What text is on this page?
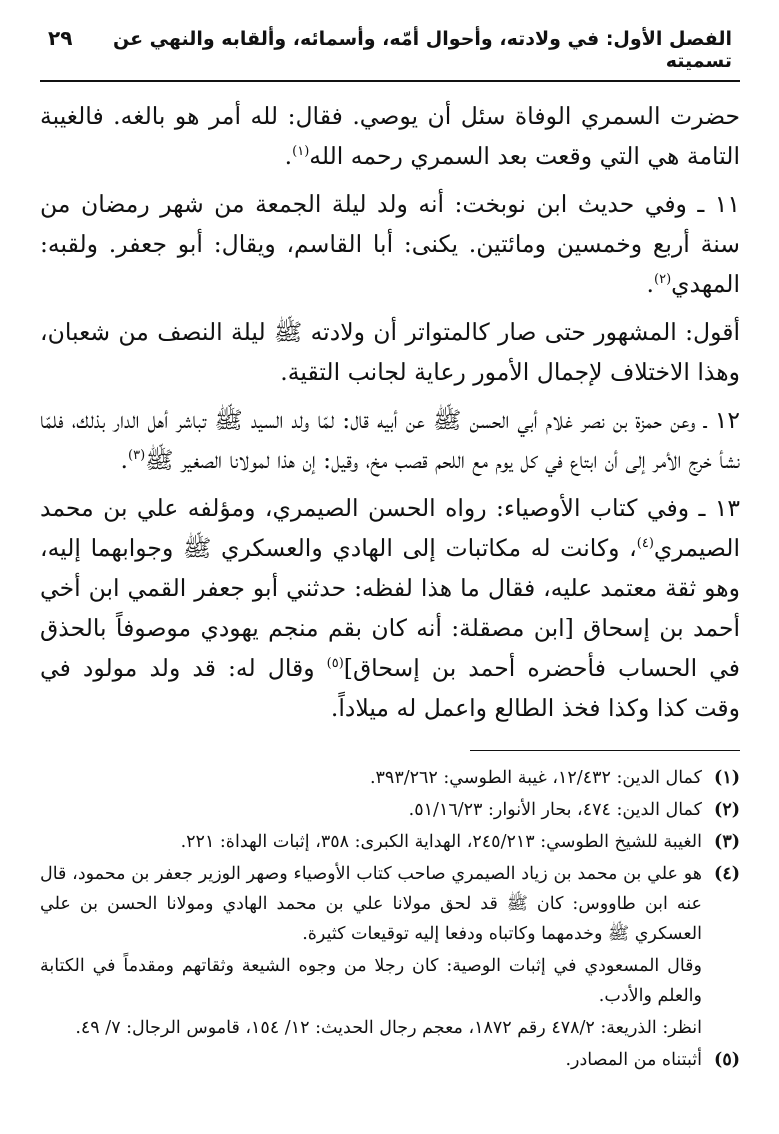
الفصل الأول: في ولادته، وأحوال أمّه، وأسمائه، وألقابه والنهي عن تسميته
٢٩

حضرت السمري الوفاة سئل أن يوصي. فقال: لله أمر هو بالغه. فالغيبة التامة هي التي وقعت بعد السمري رحمه الله$^{(١)}$.

١١ ـ وفي حديث ابن نوبخت: أنه ولد ليلة الجمعة من شهر رمضان من سنة أربع وخمسين ومائتين. يكنى: أبا القاسم، ويقال: أبو جعفر. ولقبه: المهدي$^{(٢)}$.

أقول: المشهور حتى صار كالمتواتر أن ولادته ﷺ ليلة النصف من شعبان، وهذا الاختلاف لإجمال الأمور رعاية لجانب التقية.

١٢ ـ وعن حمزة بن نصر غلام أبي الحسن ﷺ عن أبيه قال: لمّا ولد السيد ﷺ تباشر أهل الدار بذلك، فلمّا نشأ خرج الأمر إلى أن ابتاع في كل يوم مع اللحم قصب مخ، وقيل: إن هذا لمولانا الصغير ﷺ$^{(٣)}$.

١٣ ـ وفي كتاب الأوصياء: رواه الحسن الصيمري، ومؤلفه علي بن محمد الصيمري$^{(٤)}$، وكانت له مكاتبات إلى الهادي والعسكري ﷺ وجوابهما إليه، وهو ثقة معتمد عليه، فقال ما هذا لفظه: حدثني أبو جعفر القمي ابن أخي أحمد بن إسحاق [ابن مصقلة: أنه كان بقم منجم يهودي موصوفاً بالحذق في الحساب فأحضره أحمد بن إسحاق]$^{(٥)}$ وقال له: قد ولد مولود في وقت كذا وكذا فخذ الطالع واعمل له ميلاداً.

(١)

كمال الدين: ١٢/٤٣٢، غيبة الطوسي: ٣٩٣/٢٦٢.

(٢)

كمال الدين: ٤٧٤، بحار الأنوار: ٥١/١٦/٢٣.

(٣)

الغيبة للشيخ الطوسي: ٢٤٥/٢١٣، الهداية الكبرى: ٣٥٨، إثبات الهداة: ٢٢١.

(٤)

هو علي بن محمد بن زياد الصيمري صاحب كتاب الأوصياء وصهر الوزير جعفر بن محمود، قال عنه ابن طاووس: كان ﷺ قد لحق مولانا علي بن محمد الهادي ومولانا الحسن بن علي العسكري ﷺ وخدمهما وكاتباه ودفعا إليه توقيعات كثيرة.

وقال المسعودي في إثبات الوصية: كان رجلا من وجوه الشيعة وثقاتهم ومقدماً في الكتابة والعلم والأدب.

انظر: الذريعة: ٤٧٨/٢ رقم ١٨٧٢، معجم رجال الحديث: ١٢/ ١٥٤، قاموس الرجال: ٧/ ٤٩.

(٥)

أثبتناه من المصادر.
